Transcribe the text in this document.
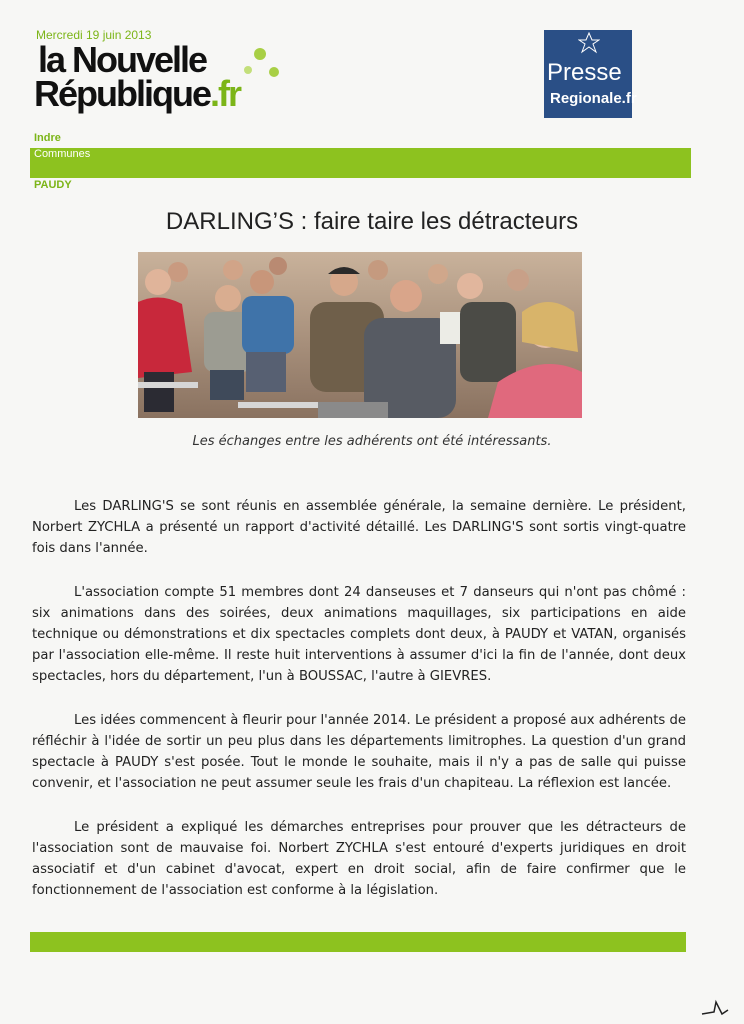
Mercredi 19 juin 2013
la Nouvelle
République.fr
Presse
Regionale.fr
Indre
Communes
PAUDY
DARLING’S : faire taire les détracteurs
Les échanges entre les adhérents ont été intéressants.

Les DARLING'S se sont réunis en assemblée générale, la semaine dernière. Le président, Norbert ZYCHLA a présenté un rapport d'activité détaillé. Les DARLING'S sont sortis vingt-quatre fois dans l'année.

L'association compte 51 membres dont 24 danseuses et 7 danseurs qui n'ont pas chômé : six animations dans des soirées, deux animations maquillages, six participations en aide technique ou démonstrations et dix spectacles complets dont deux, à PAUDY et VATAN, organisés par l'association elle-même. Il reste huit interventions à assumer d'ici la fin de l'année, dont deux spectacles, hors du département, l'un à BOUSSAC, l'autre à GIEVRES.

Les idées commencent à fleurir pour l'année 2014. Le président a proposé aux adhérents de réfléchir à l'idée de sortir un peu plus dans les départements limitrophes. La question d'un grand spectacle à PAUDY s'est posée. Tout le monde le souhaite, mais il n'y a pas de salle qui puisse convenir, et l'association ne peut assumer seule les frais d'un chapiteau. La réflexion est lancée.

Le président a expliqué les démarches entreprises pour prouver que les détracteurs de l'association sont de mauvaise foi. Norbert ZYCHLA s'est entouré d'experts juridiques en droit associatif et d'un cabinet d'avocat, expert en droit social, afin de faire confirmer que le fonctionnement de l'association est conforme à la législation.
